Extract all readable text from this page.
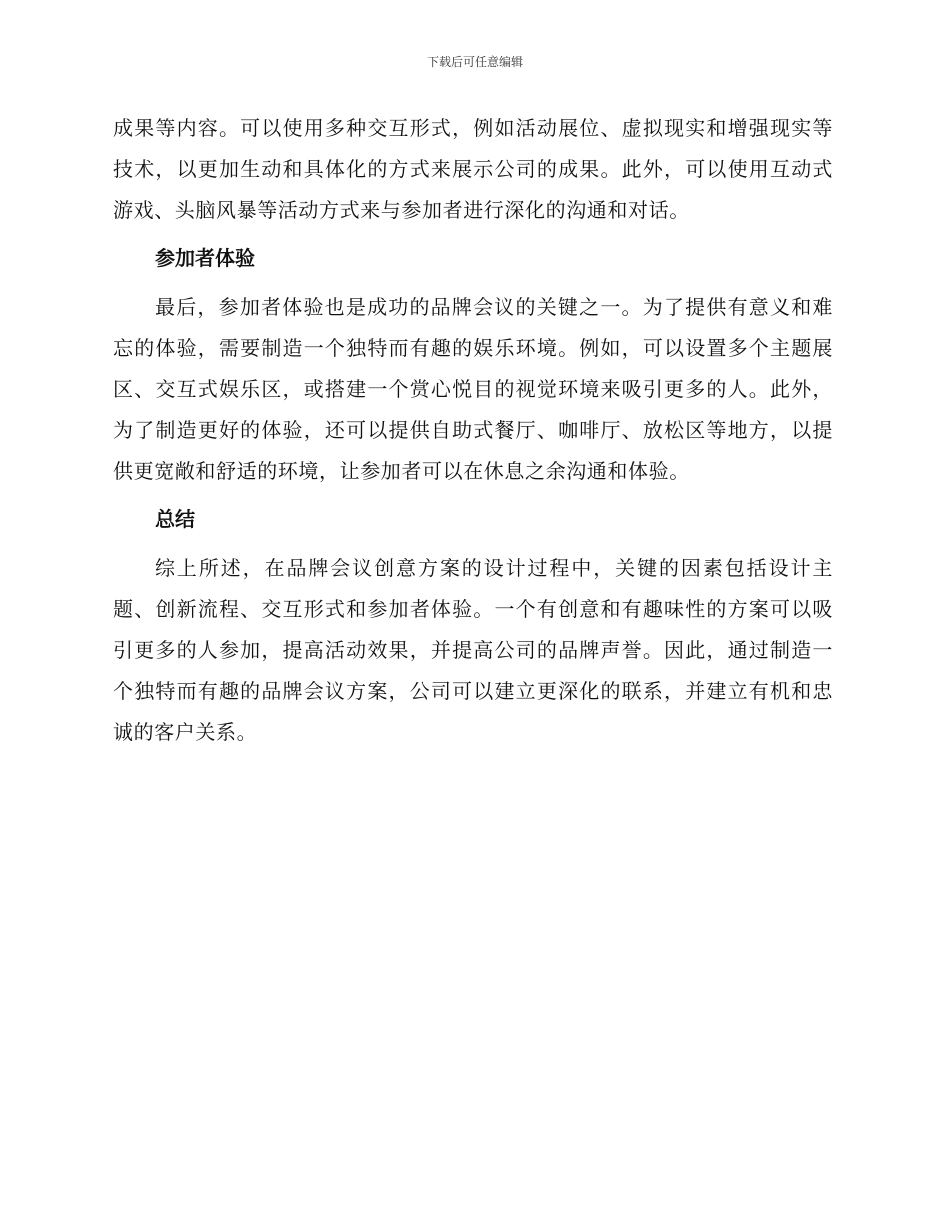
下载后可任意编辑

成果等内容。可以使用多种交互形式，例如活动展位、虚拟现实和增强现实等技术，以更加生动和具体化的方式来展示公司的成果。此外，可以使用互动式游戏、头脑风暴等活动方式来与参加者进行深化的沟通和对话。

参加者体验

最后，参加者体验也是成功的品牌会议的关键之一。为了提供有意义和难忘的体验，需要制造一个独特而有趣的娱乐环境。例如，可以设置多个主题展区、交互式娱乐区，或搭建一个赏心悦目的视觉环境来吸引更多的人。此外，为了制造更好的体验，还可以提供自助式餐厅、咖啡厅、放松区等地方，以提供更宽敞和舒适的环境，让参加者可以在休息之余沟通和体验。

总结

综上所述，在品牌会议创意方案的设计过程中，关键的因素包括设计主题、创新流程、交互形式和参加者体验。一个有创意和有趣味性的方案可以吸引更多的人参加，提高活动效果，并提高公司的品牌声誉。因此，通过制造一个独特而有趣的品牌会议方案，公司可以建立更深化的联系，并建立有机和忠诚的客户关系。
